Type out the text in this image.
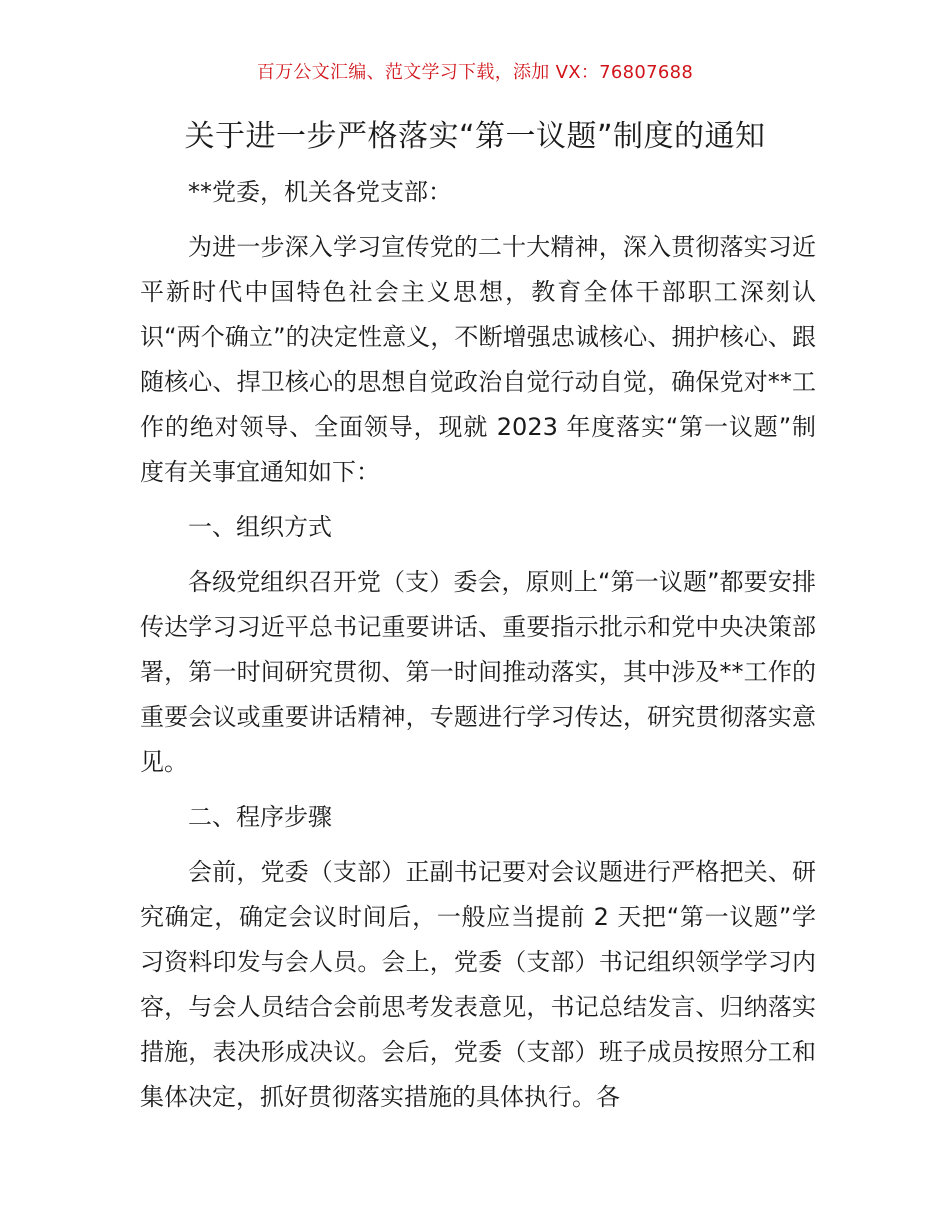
百万公文汇编、范文学习下载，添加 VX：76807688
关于进一步严格落实“第一议题”制度的通知

**党委，机关各党支部：

为进一步深入学习宣传党的二十大精神，深入贯彻落实习近平新时代中国特色社会主义思想，教育全体干部职工深刻认识“两个确立”的决定性意义，不断增强忠诚核心、拥护核心、跟随核心、捍卫核心的思想自觉政治自觉行动自觉，确保党对**工作的绝对领导、全面领导，现就 2023 年度落实“第一议题”制度有关事宜通知如下：

一、组织方式

各级党组织召开党（支）委会，原则上“第一议题”都要安排传达学习习近平总书记重要讲话、重要指示批示和党中央决策部署，第一时间研究贯彻、第一时间推动落实，其中涉及**工作的重要会议或重要讲话精神，专题进行学习传达，研究贯彻落实意见。

二、程序步骤

会前，党委（支部）正副书记要对会议题进行严格把关、研究确定，确定会议时间后，一般应当提前 2 天把“第一议题”学习资料印发与会人员。会上，党委（支部）书记组织领学学习内容，与会人员结合会前思考发表意见，书记总结发言、归纳落实措施，表决形成决议。会后，党委（支部）班子成员按照分工和集体决定，抓好贯彻落实措施的具体执行。各
